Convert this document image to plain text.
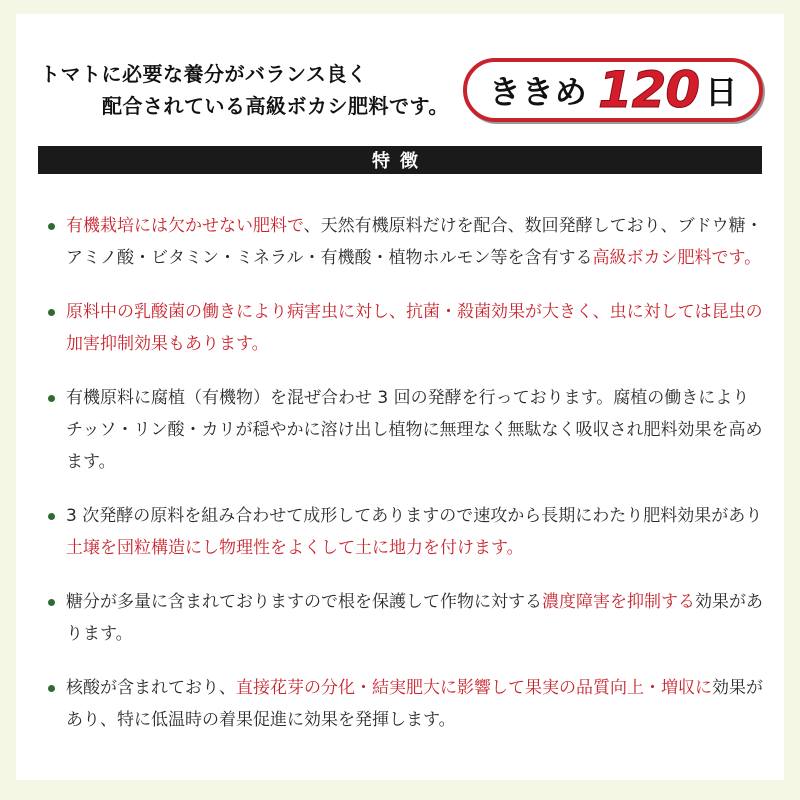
トマトに必要な養分がバランス良く
配合されている高級ボカシ肥料です。	ききめ 120 日
特徴
有機栽培には欠かせない肥料で、天然有機原料だけを配合、数回発酵しており、ブドウ糖・アミノ酸・ビタミン・ミネラル・有機酸・植物ホルモン等を含有する高級ボカシ肥料です。
原料中の乳酸菌の働きにより病害虫に対し、抗菌・殺菌効果が大きく、虫に対しては昆虫の加害抑制効果もあります。
有機原料に腐植（有機物）を混ぜ合わせ 3 回の発酵を行っております。腐植の働きによりチッソ・リン酸・カリが穏やかに溶け出し植物に無理なく無駄なく吸収され肥料効果を高めます。
3 次発酵の原料を組み合わせて成形してありますので速攻から長期にわたり肥料効果があり土壌を団粒構造にし物理性をよくして土に地力を付けます。
糖分が多量に含まれておりますので根を保護して作物に対する濃度障害を抑制する効果があります。
核酸が含まれており、直接花芽の分化・結実肥大に影響して果実の品質向上・増収に効果があり、特に低温時の着果促進に効果を発揮します。
